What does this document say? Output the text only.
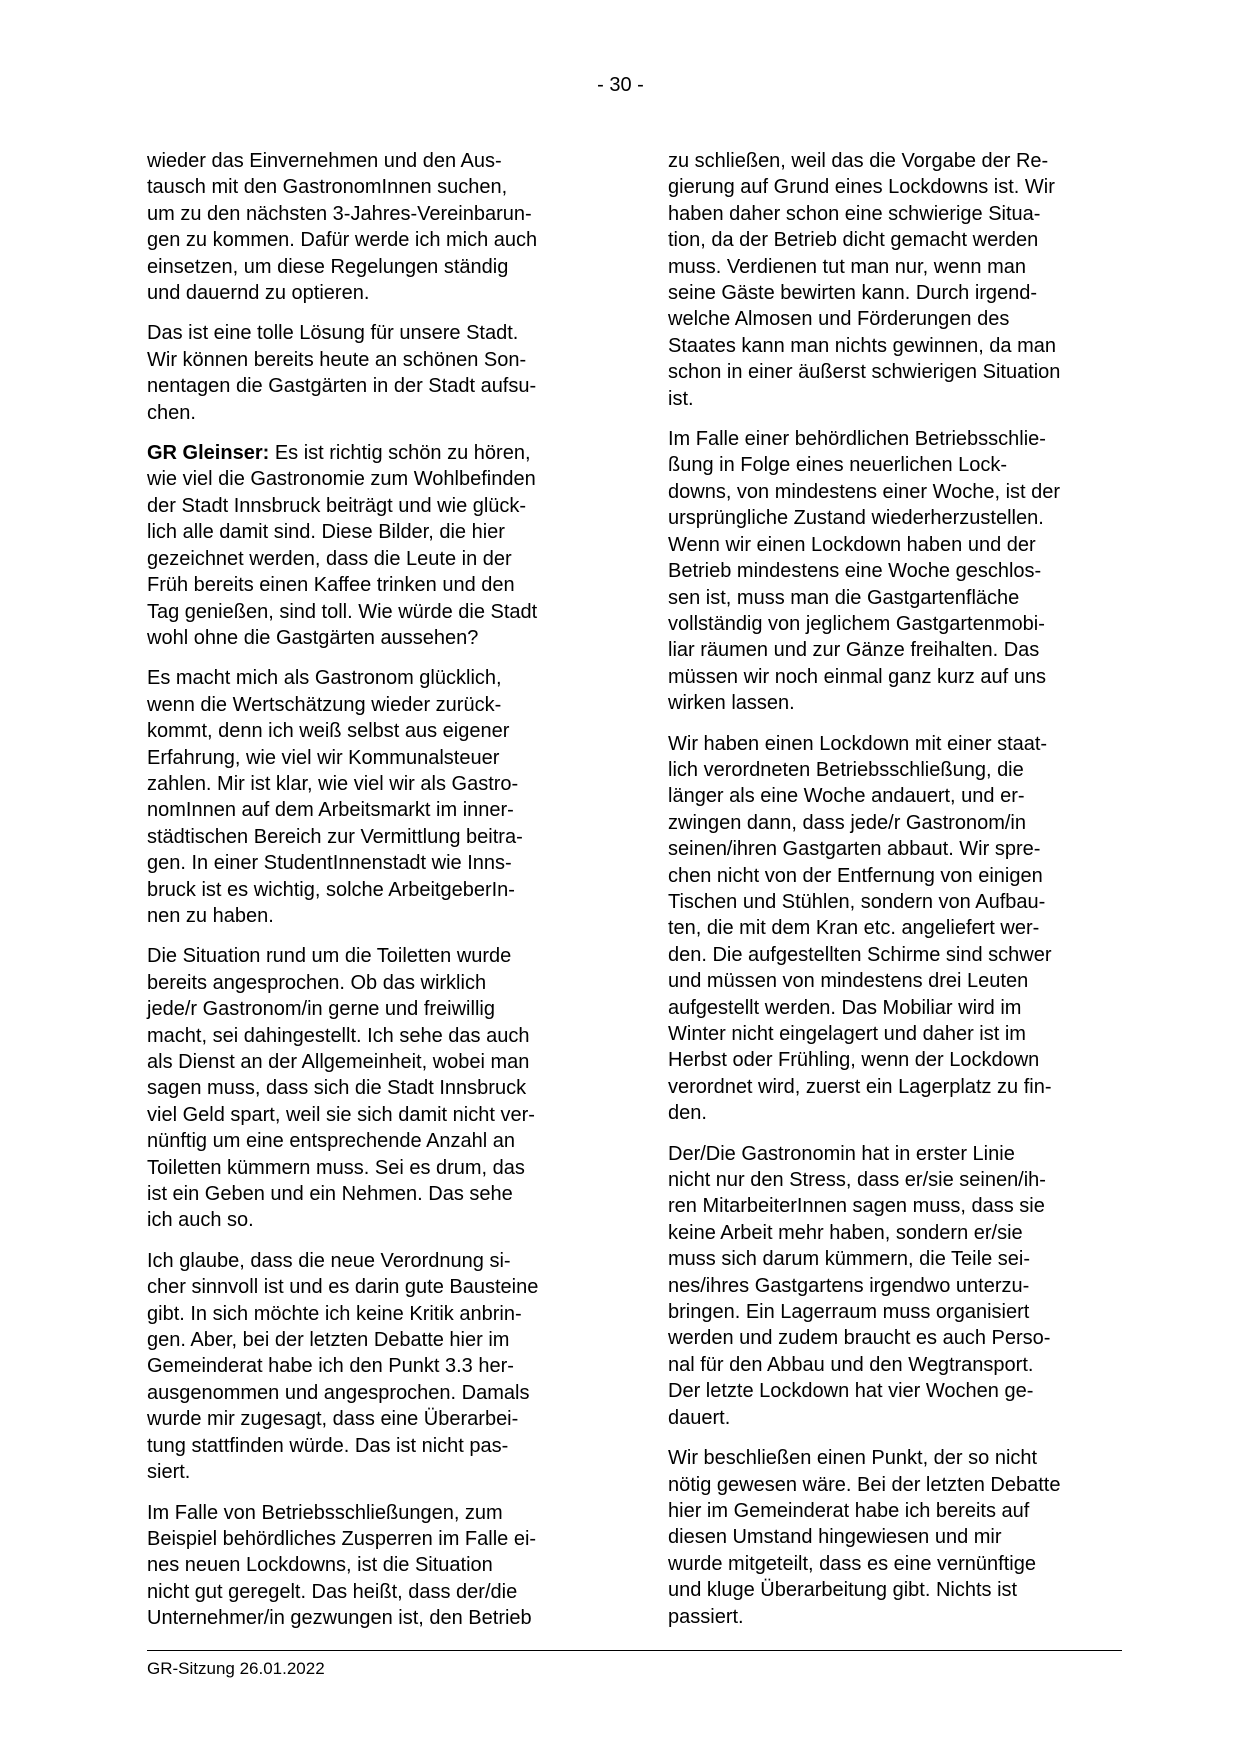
- 30 -

wieder das Einvernehmen und den Aus-
tausch mit den GastronomInnen suchen,
um zu den nächsten 3-Jahres-Vereinbarun-
gen zu kommen. Dafür werde ich mich auch
einsetzen, um diese Regelungen ständig
und dauernd zu optieren.

Das ist eine tolle Lösung für unsere Stadt.
Wir können bereits heute an schönen Son-
nentagen die Gastgärten in der Stadt aufsu-
chen.

GR Gleinser: Es ist richtig schön zu hören,
wie viel die Gastronomie zum Wohlbefinden
der Stadt Innsbruck beiträgt und wie glück-
lich alle damit sind. Diese Bilder, die hier
gezeichnet werden, dass die Leute in der
Früh bereits einen Kaffee trinken und den
Tag genießen, sind toll. Wie würde die Stadt
wohl ohne die Gastgärten aussehen?

Es macht mich als Gastronom glücklich,
wenn die Wertschätzung wieder zurück-
kommt, denn ich weiß selbst aus eigener
Erfahrung, wie viel wir Kommunalsteuer
zahlen. Mir ist klar, wie viel wir als Gastro-
nomInnen auf dem Arbeitsmarkt im inner-
städtischen Bereich zur Vermittlung beitra-
gen. In einer StudentInnenstadt wie Inns-
bruck ist es wichtig, solche ArbeitgeberIn-
nen zu haben.

Die Situation rund um die Toiletten wurde
bereits angesprochen. Ob das wirklich
jede/r Gastronom/in gerne und freiwillig
macht, sei dahingestellt. Ich sehe das auch
als Dienst an der Allgemeinheit, wobei man
sagen muss, dass sich die Stadt Innsbruck
viel Geld spart, weil sie sich damit nicht ver-
nünftig um eine entsprechende Anzahl an
Toiletten kümmern muss. Sei es drum, das
ist ein Geben und ein Nehmen. Das sehe
ich auch so.

Ich glaube, dass die neue Verordnung si-
cher sinnvoll ist und es darin gute Bausteine
gibt. In sich möchte ich keine Kritik anbrin-
gen. Aber, bei der letzten Debatte hier im
Gemeinderat habe ich den Punkt 3.3 her-
ausgenommen und angesprochen. Damals
wurde mir zugesagt, dass eine Überarbei-
tung stattfinden würde. Das ist nicht pas-
siert.

Im Falle von Betriebsschließungen, zum
Beispiel behördliches Zusperren im Falle ei-
nes neuen Lockdowns, ist die Situation
nicht gut geregelt. Das heißt, dass der/die
Unternehmer/in gezwungen ist, den Betrieb

zu schließen, weil das die Vorgabe der Re-
gierung auf Grund eines Lockdowns ist. Wir
haben daher schon eine schwierige Situa-
tion, da der Betrieb dicht gemacht werden
muss. Verdienen tut man nur, wenn man
seine Gäste bewirten kann. Durch irgend-
welche Almosen und Förderungen des
Staates kann man nichts gewinnen, da man
schon in einer äußerst schwierigen Situation
ist.

Im Falle einer behördlichen Betriebsschlie-
ßung in Folge eines neuerlichen Lock-
downs, von mindestens einer Woche, ist der
ursprüngliche Zustand wiederherzustellen.
Wenn wir einen Lockdown haben und der
Betrieb mindestens eine Woche geschlos-
sen ist, muss man die Gastgartenfläche
vollständig von jeglichem Gastgartenmobi-
liar räumen und zur Gänze freihalten. Das
müssen wir noch einmal ganz kurz auf uns
wirken lassen.

Wir haben einen Lockdown mit einer staat-
lich verordneten Betriebsschließung, die
länger als eine Woche andauert, und er-
zwingen dann, dass jede/r Gastronom/in
seinen/ihren Gastgarten abbaut. Wir spre-
chen nicht von der Entfernung von einigen
Tischen und Stühlen, sondern von Aufbau-
ten, die mit dem Kran etc. angeliefert wer-
den. Die aufgestellten Schirme sind schwer
und müssen von mindestens drei Leuten
aufgestellt werden. Das Mobiliar wird im
Winter nicht eingelagert und daher ist im
Herbst oder Frühling, wenn der Lockdown
verordnet wird, zuerst ein Lagerplatz zu fin-
den.

Der/Die Gastronomin hat in erster Linie
nicht nur den Stress, dass er/sie seinen/ih-
ren MitarbeiterInnen sagen muss, dass sie
keine Arbeit mehr haben, sondern er/sie
muss sich darum kümmern, die Teile sei-
nes/ihres Gastgartens irgendwo unterzu-
bringen. Ein Lagerraum muss organisiert
werden und zudem braucht es auch Perso-
nal für den Abbau und den Wegtransport.
Der letzte Lockdown hat vier Wochen ge-
dauert.

Wir beschließen einen Punkt, der so nicht
nötig gewesen wäre. Bei der letzten Debatte
hier im Gemeinderat habe ich bereits auf
diesen Umstand hingewiesen und mir
wurde mitgeteilt, dass es eine vernünftige
und kluge Überarbeitung gibt. Nichts ist
passiert.

GR-Sitzung 26.01.2022
